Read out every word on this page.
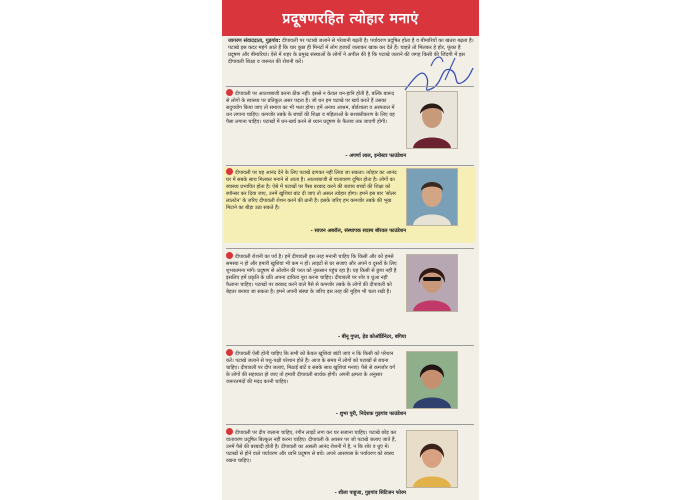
प्रदूषणरहित त्योहार मनाएं
जागरण संवाददाता, गुड़गांव: दीपावली पर पटाखे जलाने से परेशानी बढ़ती है। पर्यावरण प्रदूषित होता है व बीमारियों का खतरा बढ़ता है। पटाखे इस कदर महंगे आते हैं कि चार कुछ ही मिनटों में लोग हजारों जलाकर खाक कर देते हैं। चाहते तो मिलकर हे होर, फूंका है प्रदूषण और बीमारियां। ऐसे में शहर के प्रमुख संस्थाओं के लोगों ने अपील की है कि पटाखे जलाने की जगह किसी की जिंदगी में इस दीपावली शिक्षा व जरूरत की रोशनी करें।
दीपावली पर आतशबाजी करना ठीक नहीं। इससे न केवल धन-हानि होती है, बल्कि बारूद से लोगों के स्वास्थ्य पर प्रतिकूल असर पड़ता है। जो धन हम पटाखे पर खर्च करते हैं उसका सदुपयोग किया जाए तो समाज का भी भला होगा। हमें अनाथ आश्रम, बोर्डशाला व अस्पताल में धन लगाना चाहिए। कमजोर तबके के बच्चों की शिक्षा व महिलाओं के सशक्तीकरण के लिए यह पैसा लगाना चाहिए। पटाखों में धन-खर्च करने से ध्यान प्रदूषण के फैलाव तक जाएगी होगी।
- अपर्णा लाल, इन्वेस्टर फाउंडेशन
दीपावली पर यह आनंद देने के लिए पटाखे दागकर नहीं लिया जा सकता। त्योहार का आनंद घर में सबके साथ मिलकर मनाने से आता है। आतशबाजी से वातावरण दूषित होता है। लोगों का स्वास्थ्य प्रभावित होता है। ऐसे में पटाखों पर पैसा बरबाद करने की बजाय बच्चों की शिक्षा को स्पॉन्सर कर दिया जाए, उनमें खुशियां बांट दी जाएं तो असल त्योहार होगा। हमने इस बार 'सोलर लालटेन' के जरिए दीपावली रोशन करने की ठानी है। इसके जरिए हम कमजोर तबके की भूख मिटाने का बीड़ा उठा सकते हैं।
- साजन अबरॉल, संस्थापक सदस्य बॉरवल फाउंडेशन
दीपावली रोशनी का पर्व है। हमें दीपावली इस तरह मनानी चाहिए कि किसी और को हमसे समस्या न हो और हमारी खुशियां भी कम न हों। लाइटों से घर सजाएं और अपने व दूसरों के लिए शुभकामना मांगें। प्रदूषण से ओजोन की परत को नुकसान पहुंच रहा है। यह किसी से छुपा नहीं है इसलिए हमें प्रकृति के प्रति अपना दायित्व पूरा करना चाहिए। दीपावली पर शोर व धुंआ नहीं फैलाना चाहिए। पटाखों पर बरबाद करने वाले पैसे से कमजोर तबके के लोगों की दीपावली को बेहतर बनाया जा सकता है। हमने अपनी संस्था के जरिए इस तरह की मुहिम भी चला रखी है।
- बीनू गुप्ता, हेड कोऑर्डिनेटर, बगिया
दीपावली ऐसी होनी चाहिए कि सभी को केवल खुशियां बांटी जाएं न कि किसी को परेशान करें। पटाखे जलाने से पशु-पक्षी परेशान होते हैं। आज के समय में लोगों को पटाखों से बचना चाहिए। दीपावली पर दीप जलाएं, मिठाई बांटें व सबके साथ खुशियां मनाएं। पैसे से कमजोर वर्ग के लोगों की सहायता हो जाए तो हमारी दीपावली सार्थक होगी। अपनी क्षमता के अनुसार जरूरतमंदों की मदद करनी चाहिए।
- शुभा पुरी, निदेशक गुड़गांव फाउंडेशन
दीपावली पर दीप जलाना चाहिए, रंगीन लाइटें लगा कर घर सजाना चाहिए। पटाखे छोड़ कर वातावरण प्रदूषित बिल्कुल नहीं करना चाहिए। दीपावली के अवसर पर जो पटाखे जलाए जाते हैं, उनमें पैसे की बरबादी होती है। दीपावली का असली आनंद रोशनी में है, न कि शोर व धुएं में। पटाखों से होने वाले पर्यावरण और ध्वनि प्रदूषण से बचें। अपने आसपास के पर्यावरण को स्वस्थ रखना चाहिए।
- शीला पाहूजा, गुड़गांव सिटिजन फोरम
